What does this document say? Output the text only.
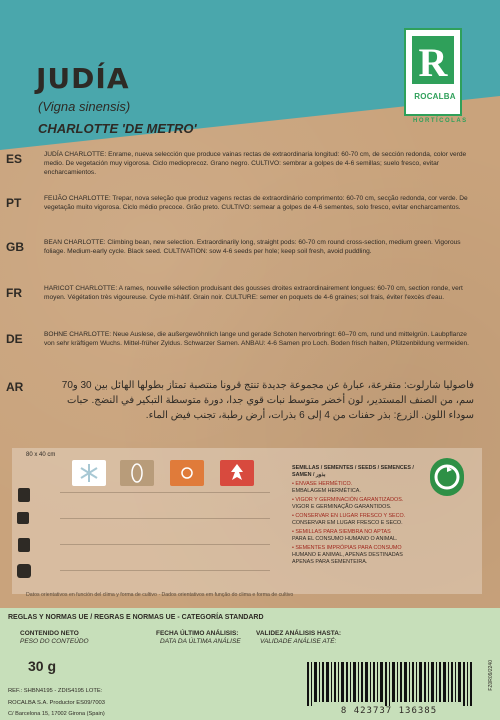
JUDÍA
(Vigna sinensis)
CHARLOTTE 'DE METRO'
R
ROCALBA
HORTÍCOLAS
ES	JUDÍA CHARLOTTE: Enrame, nueva selección que produce vainas rectas de extraordinaria longitud: 60-70 cm, de sección redonda, color verde medio. De vegetación muy vigorosa. Ciclo medioprecoz. Grano negro. CULTIVO: sembrar a golpes de 4-6 semillas; suelo fresco, evitar encharcamientos.
PT	FEIJÃO CHARLOTTE: Trepar, nova seleção que produz vagens rectas de extraordinário comprimento: 60-70 cm, secção redonda, cor verde. De vegetação muito vigorosa. Ciclo médio precoce. Grão preto. CULTIVO: semear a golpes de 4-6 sementes, solo fresco, evitar encharcamentos.
GB	BEAN CHARLOTTE: Climbing bean, new selection. Extraordinarily long, straight pods: 60-70 cm round cross-section, medium green. Vigorous foliage. Medium-early cycle. Black seed. CULTIVATION: sow 4-6 seeds per hole; keep soil fresh, avoid puddling.
FR	HARICOT CHARLOTTE: A rames, nouvelle sélection produisant des gousses droites extraordinairement longues: 60-70 cm, section ronde, vert moyen. Végétation très vigoureuse. Cycle mi-hâtif. Grain noir. CULTURE: semer en poquets de 4-6 graines; sol frais, éviter l'excès d'eau.
DE	BOHNE CHARLOTTE: Neue Auslese, die außergewöhnlich lange und gerade Schoten hervorbringt: 60–70 cm, rund und mittelgrün. Laubpflanze von sehr kräftigem Wuchs. Mittel-früher Zyldus. Schwarzer Samen. ANBAU: 4-6 Samen pro Loch. Boden frisch halten, Pfützenbildung vermeiden.
AR	فاصوليا شارلوت: متفرعة، عبارة عن مجموعة جديدة تنتج قرونا منتصبة تمتاز بطولها الهائل بين 30 و70 سم، من الصنف المستدير، لون أخضر متوسط نبات قوي جدا، دورة متوسطة التبكير في النضج. حبات سوداء اللون. الزرع: بذر حفنات من 4 إلى 6 بذرات، أرض رطبة، تجنب فيض الماء.
80 x 40 cm
SEMILLAS / SEMENTES / SEEDS / SEMENCES / SAMEN / بذور
• ENVASE HERMÉTICO.
EMBALAGEM HERMÉTICA.
• VIGOR Y GERMINACIÓN GARANTIZADOS.
VIGOR E GERMINAÇÃO GARANTIDOS.
• CONSERVAR EN LUGAR FRESCO Y SECO.
CONSERVAR EM LUGAR FRESCO E SECO.
• SEMILLAS PARA SIEMBRA NO APTAS
PARA EL CONSUMO HUMANO O ANIMAL.
• SEMENTES IMPRÓPIAS PARA CONSUMO
HUMANO E ANIMAL, APENAS DESTINADAS APENAS PARA SEMENTEIRA.
Datos orientativos en función del clima y forma de cultivo · Dados orientativos em função do clima e forma de cultivo
REGLAS Y NORMAS UE / REGRAS E NORMAS UE - CATEGORÍA STANDARD
CONTENIDO NETO
PESO DO CONTEÚDO
FECHA ÚLTIMO ANÁLISIS:
DATA DA ÚLTIMA ANÁLISE
VALIDEZ ANÁLISIS HASTA:
VALIDADE ANÁLISE ATÉ:
30 g
REF.: SHBN4195 - ZDIS4195 LOTE:
ROCALBA S.A. Productor ES09/7003
C/ Barcelona 15, 17002 Girona (Spain)	8 423737 136385
FZ0R09/2240
